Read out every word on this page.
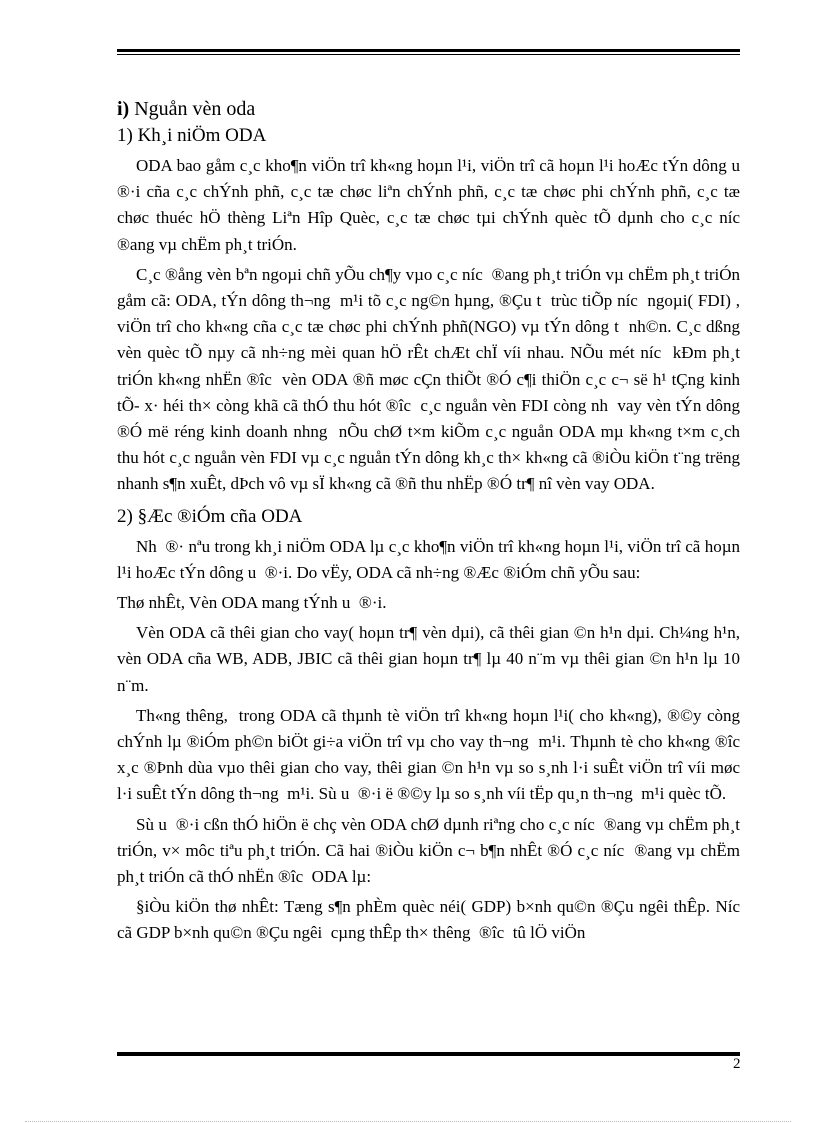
i) Nguån vèn oda
1) Kh¸i niÖm ODA

ODA bao gåm c¸c kho¶n viÖn trî kh«ng hoµn l¹i, viÖn trî cã hoµn l¹i hoÆc tÝn dông u  ®·i cña c¸c chÝnh phñ, c¸c tæ chøc liªn chÝnh phñ, c¸c tæ chøc phi chÝnh phñ, c¸c tæ chøc thuéc hÖ thèng Liªn Hîp Quèc, c¸c tæ chøc tµi chÝnh quèc tÕ dµnh cho c¸c níc  ®ang vµ chËm ph¸t triÓn.

C¸c ®ång vèn bªn ngoµi chñ yÕu ch¶y vµo c¸c níc  ®ang ph¸t triÓn vµ chËm ph¸t triÓn gåm cã: ODA, tÝn dông th¬ng  m¹i tõ c¸c ng©n hµng, ®Çu t  trùc tiÕp níc  ngoµi( FDI) , viÖn trî cho kh«ng cña c¸c tæ chøc phi chÝnh phñ(NGO) vµ tÝn dông t  nh©n. C¸c dßng vèn quèc tÕ nµy cã nh÷ng mèi quan hÖ rÊt chÆt chÏ víi nhau. NÕu mét níc  kÐm ph¸t triÓn kh«ng nhËn ®îc  vèn ODA ®ñ møc cÇn thiÕt ®Ó c¶i thiÖn c¸c c¬ së h¹ tÇng kinh tÕ- x· héi th× còng khã cã thÓ thu hót ®îc  c¸c nguån vèn FDI còng nh  vay vèn tÝn dông ®Ó më réng kinh doanh nhng  nÕu chØ t×m kiÕm c¸c nguån ODA mµ kh«ng t×m c¸ch thu hót c¸c nguån vèn FDI vµ c¸c nguån tÝn dông kh¸c th× kh«ng cã ®iÒu kiÖn t¨ng trëng  nhanh s¶n xuÊt, dÞch vô vµ sÏ kh«ng cã ®ñ thu nhËp ®Ó tr¶ nî vèn vay ODA.

2) §Æc ®iÓm cña ODA

Nh  ®· nªu trong kh¸i niÖm ODA lµ c¸c kho¶n viÖn trî kh«ng hoµn l¹i, viÖn trî cã hoµn l¹i hoÆc tÝn dông u  ®·i. Do vËy, ODA cã nh÷ng ®Æc ®iÓm chñ yÕu sau:

Thø nhÊt, Vèn ODA mang tÝnh u  ®·i.

Vèn ODA cã thêi gian cho vay( hoµn tr¶ vèn dµi), cã thêi gian ©n h¹n dµi. Ch¼ng h¹n, vèn ODA cña WB, ADB, JBIC cã thêi gian hoµn tr¶ lµ 40 n¨m vµ thêi gian ©n h¹n lµ 10 n¨m.

Th«ng thêng,  trong ODA cã thµnh tè viÖn trî kh«ng hoµn l¹i( cho kh«ng), ®©y còng chÝnh lµ ®iÓm ph©n biÖt gi÷a viÖn trî vµ cho vay th¬ng  m¹i. Thµnh tè cho kh«ng ®îc  x¸c ®Þnh dùa vµo thêi gian cho vay, thêi gian ©n h¹n vµ so s¸nh l·i suÊt viÖn trî víi møc l·i suÊt tÝn dông th¬ng  m¹i. Sù u  ®·i ë ®©y lµ so s¸nh víi tËp qu¸n th¬ng  m¹i quèc tÕ.

Sù u  ®·i cßn thÓ hiÖn ë chç vèn ODA chØ dµnh riªng cho c¸c níc  ®ang vµ chËm ph¸t triÓn, v× môc tiªu ph¸t triÓn. Cã hai ®iÒu kiÖn c¬ b¶n nhÊt ®Ó c¸c níc  ®ang vµ chËm ph¸t triÓn cã thÓ nhËn ®îc  ODA lµ:

§iÒu kiÖn thø nhÊt: Tæng s¶n phÈm quèc néi( GDP) b×nh qu©n ®Çu ngêi thÊp. Níc  cã GDP b×nh qu©n ®Çu ngêi  cµng thÊp th× thêng  ®îc  tû lÖ viÖn

2
